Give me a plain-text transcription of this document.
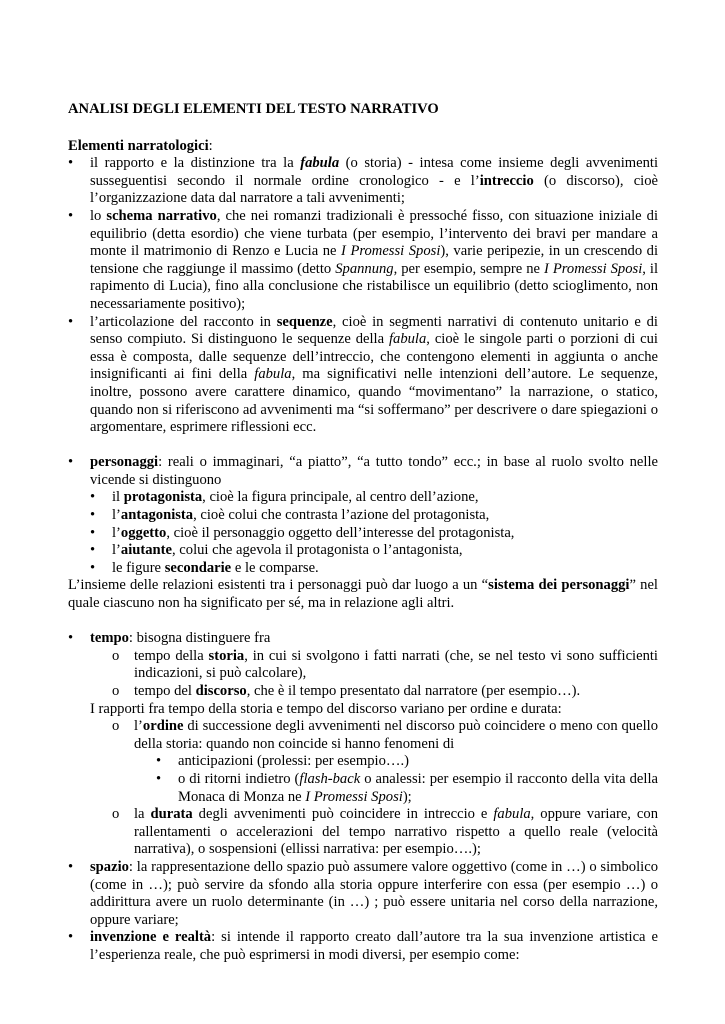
ANALISI DEGLI ELEMENTI DEL TESTO NARRATIVO
Elementi narratologici:
• il rapporto e la distinzione tra la fabula (o storia) - intesa come insieme degli avvenimenti susseguentisi secondo il normale ordine cronologico - e l’intreccio (o discorso), cioè l’organizzazione data dal narratore a tali avvenimenti;
• lo schema narrativo, che nei romanzi tradizionali è pressoché fisso, con situazione iniziale di equilibrio (detta esordio) che viene turbata (per esempio, l’intervento dei bravi per mandare a monte il matrimonio di Renzo e Lucia ne I Promessi Sposi), varie peripezie, in un crescendo di tensione che raggiunge il massimo (detto Spannung, per esempio, sempre ne I Promessi Sposi, il rapimento di Lucia), fino alla conclusione che ristabilisce un equilibrio (detto scioglimento, non necessariamente positivo);
• l’articolazione del racconto in sequenze, cioè in segmenti narrativi di contenuto unitario e di senso compiuto. Si distinguono le sequenze della fabula, cioè le singole parti o porzioni di cui essa è composta, dalle sequenze dell’intreccio, che contengono elementi in aggiunta o anche insignificanti ai fini della fabula, ma significativi nelle intenzioni dell’autore. Le sequenze, inoltre, possono avere carattere dinamico, quando “movimentano” la narrazione, o statico, quando non si riferiscono ad avvenimenti ma “si soffermano” per descrivere o dare spiegazioni o argomentare, esprimere riflessioni ecc.
• personaggi: reali o immaginari, “a piatto”, “a tutto tondo” ecc.; in base al ruolo svolto nelle vicende si distinguono
• il protagonista, cioè la figura principale, al centro dell’azione,
• l’antagonista, cioè colui che contrasta l’azione del protagonista,
• l’oggetto, cioè il personaggio oggetto dell’interesse del protagonista,
• l’aiutante, colui che agevola il protagonista o l’antagonista,
• le figure secondarie e le comparse.
L’insieme delle relazioni esistenti tra i personaggi può dar luogo a un “sistema dei personaggi” nel quale ciascuno non ha significato per sé, ma in relazione agli altri.
• tempo: bisogna distinguere fra
o tempo della storia, in cui si svolgono i fatti narrati (che, se nel testo vi sono sufficienti indicazioni, si può calcolare),
o tempo del discorso, che è il tempo presentato dal narratore (per esempio…).
I rapporti fra tempo della storia e tempo del discorso variano per ordine e durata:
o l’ordine di successione degli avvenimenti nel discorso può coincidere o meno con quello della storia: quando non coincide si hanno fenomeni di
• anticipazioni (prolessi: per esempio….)
• o di ritorni indietro (flash-back o analessi: per esempio il racconto della vita della Monaca di Monza ne I Promessi Sposi);
o la durata degli avvenimenti può coincidere in intreccio e fabula, oppure variare, con rallentamenti o accelerazioni del tempo narrativo rispetto a quello reale (velocità narrativa), o sospensioni (ellissi narrativa: per esempio….);
• spazio: la rappresentazione dello spazio può assumere valore oggettivo (come in …) o simbolico (come in …); può servire da sfondo alla storia oppure interferire con essa (per esempio …) o addirittura avere un ruolo determinante (in …) ; può essere unitaria nel corso della narrazione, oppure variare;
• invenzione e realtà: si intende il rapporto creato dall’autore tra la sua invenzione artistica e l’esperienza reale, che può esprimersi in modi diversi, per esempio come:
